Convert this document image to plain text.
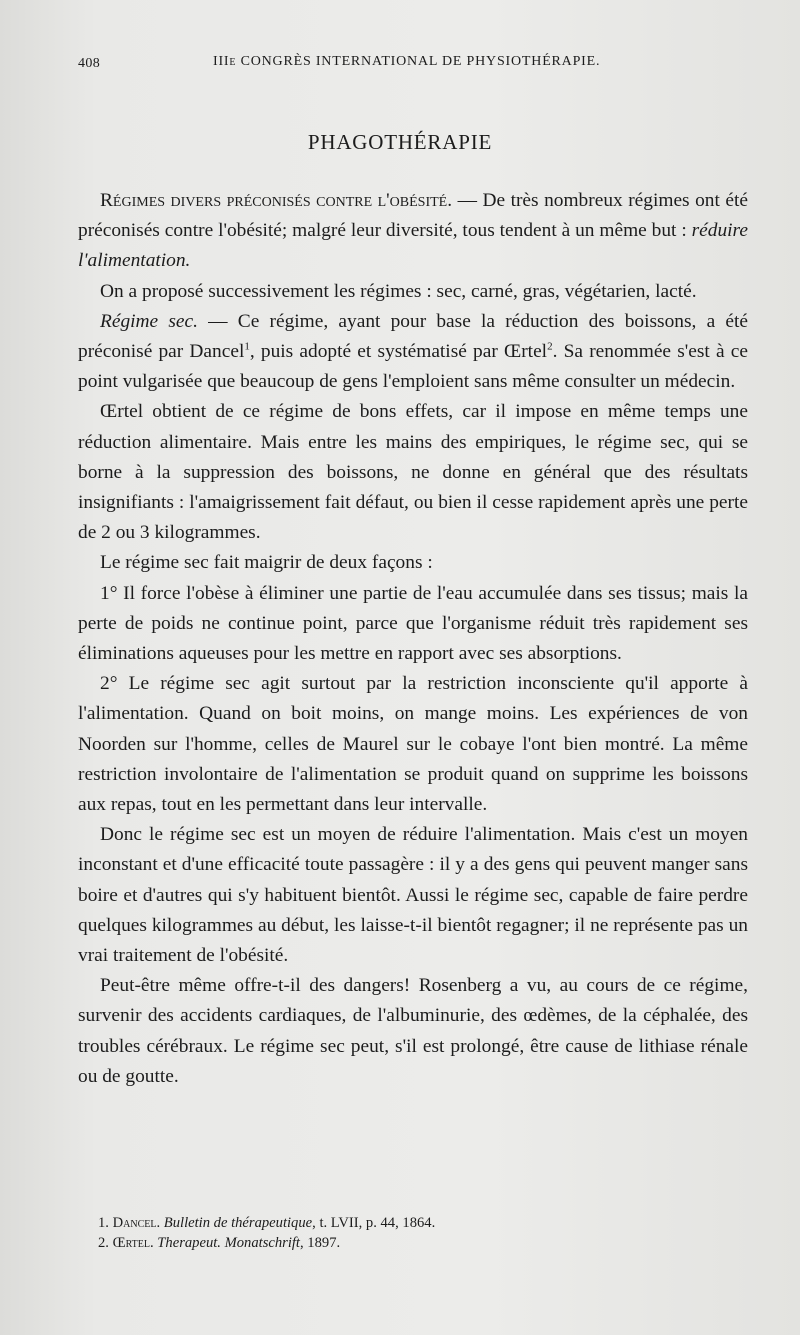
408	IIIe CONGRÈS INTERNATIONAL DE PHYSIOTHÉRAPIE.
PHAGOTHÉRAPIE

Régimes divers préconisés contre l'obésité. — De très nombreux régimes ont été préconisés contre l'obésité; malgré leur diversité, tous tendent à un même but : réduire l'alimentation.

On a proposé successivement les régimes : sec, carné, gras, végétarien, lacté.

Régime sec. — Ce régime, ayant pour base la réduction des boissons, a été préconisé par Dancel$^1$, puis adopté et systématisé par Œrtel$^2$. Sa renommée s'est à ce point vulgarisée que beaucoup de gens l'emploient sans même consulter un médecin.

Œrtel obtient de ce régime de bons effets, car il impose en même temps une réduction alimentaire. Mais entre les mains des empiriques, le régime sec, qui se borne à la suppression des boissons, ne donne en général que des résultats insignifiants : l'amaigrissement fait défaut, ou bien il cesse rapidement après une perte de 2 ou 3 kilogrammes.

Le régime sec fait maigrir de deux façons :

1° Il force l'obèse à éliminer une partie de l'eau accumulée dans ses tissus; mais la perte de poids ne continue point, parce que l'organisme réduit très rapidement ses éliminations aqueuses pour les mettre en rapport avec ses absorptions.

2° Le régime sec agit surtout par la restriction inconsciente qu'il apporte à l'alimentation. Quand on boit moins, on mange moins. Les expériences de von Noorden sur l'homme, celles de Maurel sur le cobaye l'ont bien montré. La même restriction involontaire de l'alimentation se produit quand on supprime les boissons aux repas, tout en les permettant dans leur intervalle.

Donc le régime sec est un moyen de réduire l'alimentation. Mais c'est un moyen inconstant et d'une efficacité toute passagère : il y a des gens qui peuvent manger sans boire et d'autres qui s'y habituent bientôt. Aussi le régime sec, capable de faire perdre quelques kilogrammes au début, les laisse-t-il bientôt regagner; il ne représente pas un vrai traitement de l'obésité.

Peut-être même offre-t-il des dangers! Rosenberg a vu, au cours de ce régime, survenir des accidents cardiaques, de l'albuminurie, des œdèmes, de la céphalée, des troubles cérébraux. Le régime sec peut, s'il est prolongé, être cause de lithiase rénale ou de goutte.

1. Dancel. Bulletin de thérapeutique, t. LVII, p. 44, 1864.
2. Œrtel. Therapeut. Monatschrift, 1897.
